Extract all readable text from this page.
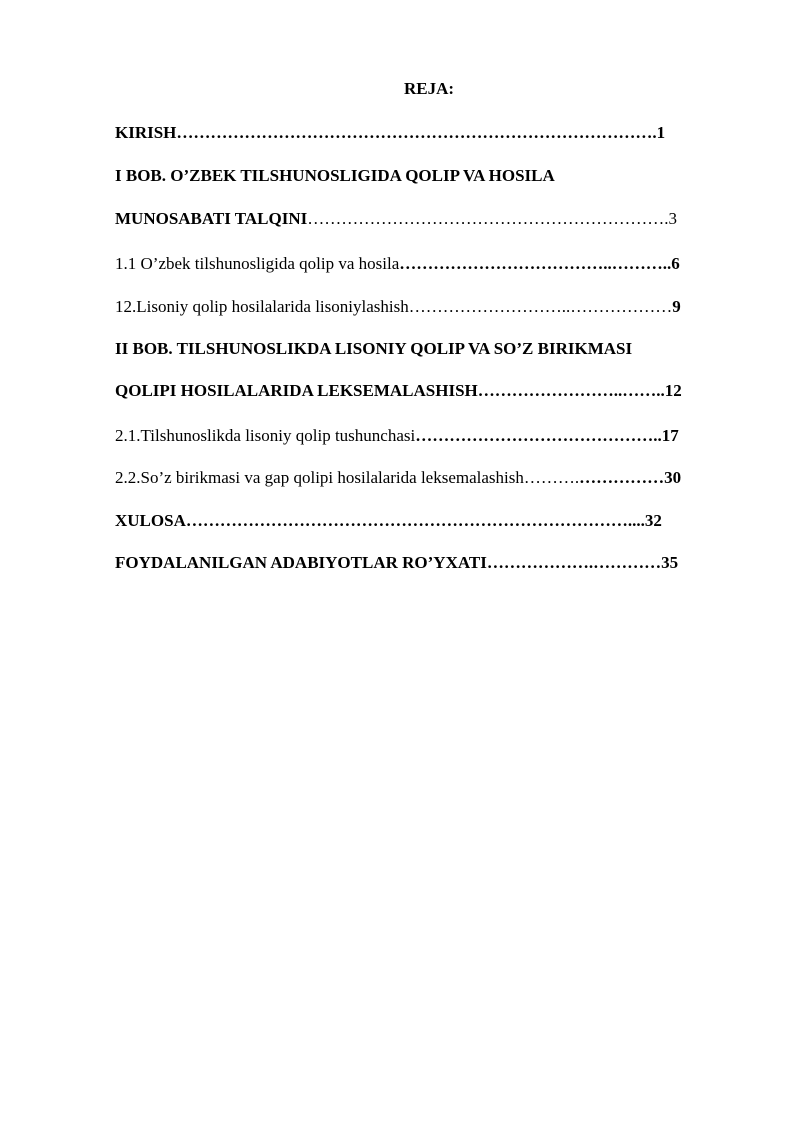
REJA:
KIRISH………………………………………………………………………….1
I BOB. O’ZBEK TILSHUNOSLIGIDA QOLIP VA HOSILA
MUNOSABATI TALQINI……………………………………………………….3
1.1 O’zbek tilshunosligida qolip va hosila………………………………..………..6
12.Lisoniy qolip hosilalarida lisoniylashish………………………..………………9
II BOB. TILSHUNOSLIKDA LISONIY QOLIP VA SO’Z BIRIKMASI
QOLIPI HOSILALARIDA LEKSEMALASHISH……………………..……..12
2.1.Tilshunoslikda lisoniy qolip tushunchasi……………………………………..17
2.2.So’z birikmasi va gap qolipi hosilalarida leksemalashish……….……………30
XULOSA……………………………………………………………………....32
FOYDALANILGAN ADABIYOTLAR RO’YXATI……………….…………35
